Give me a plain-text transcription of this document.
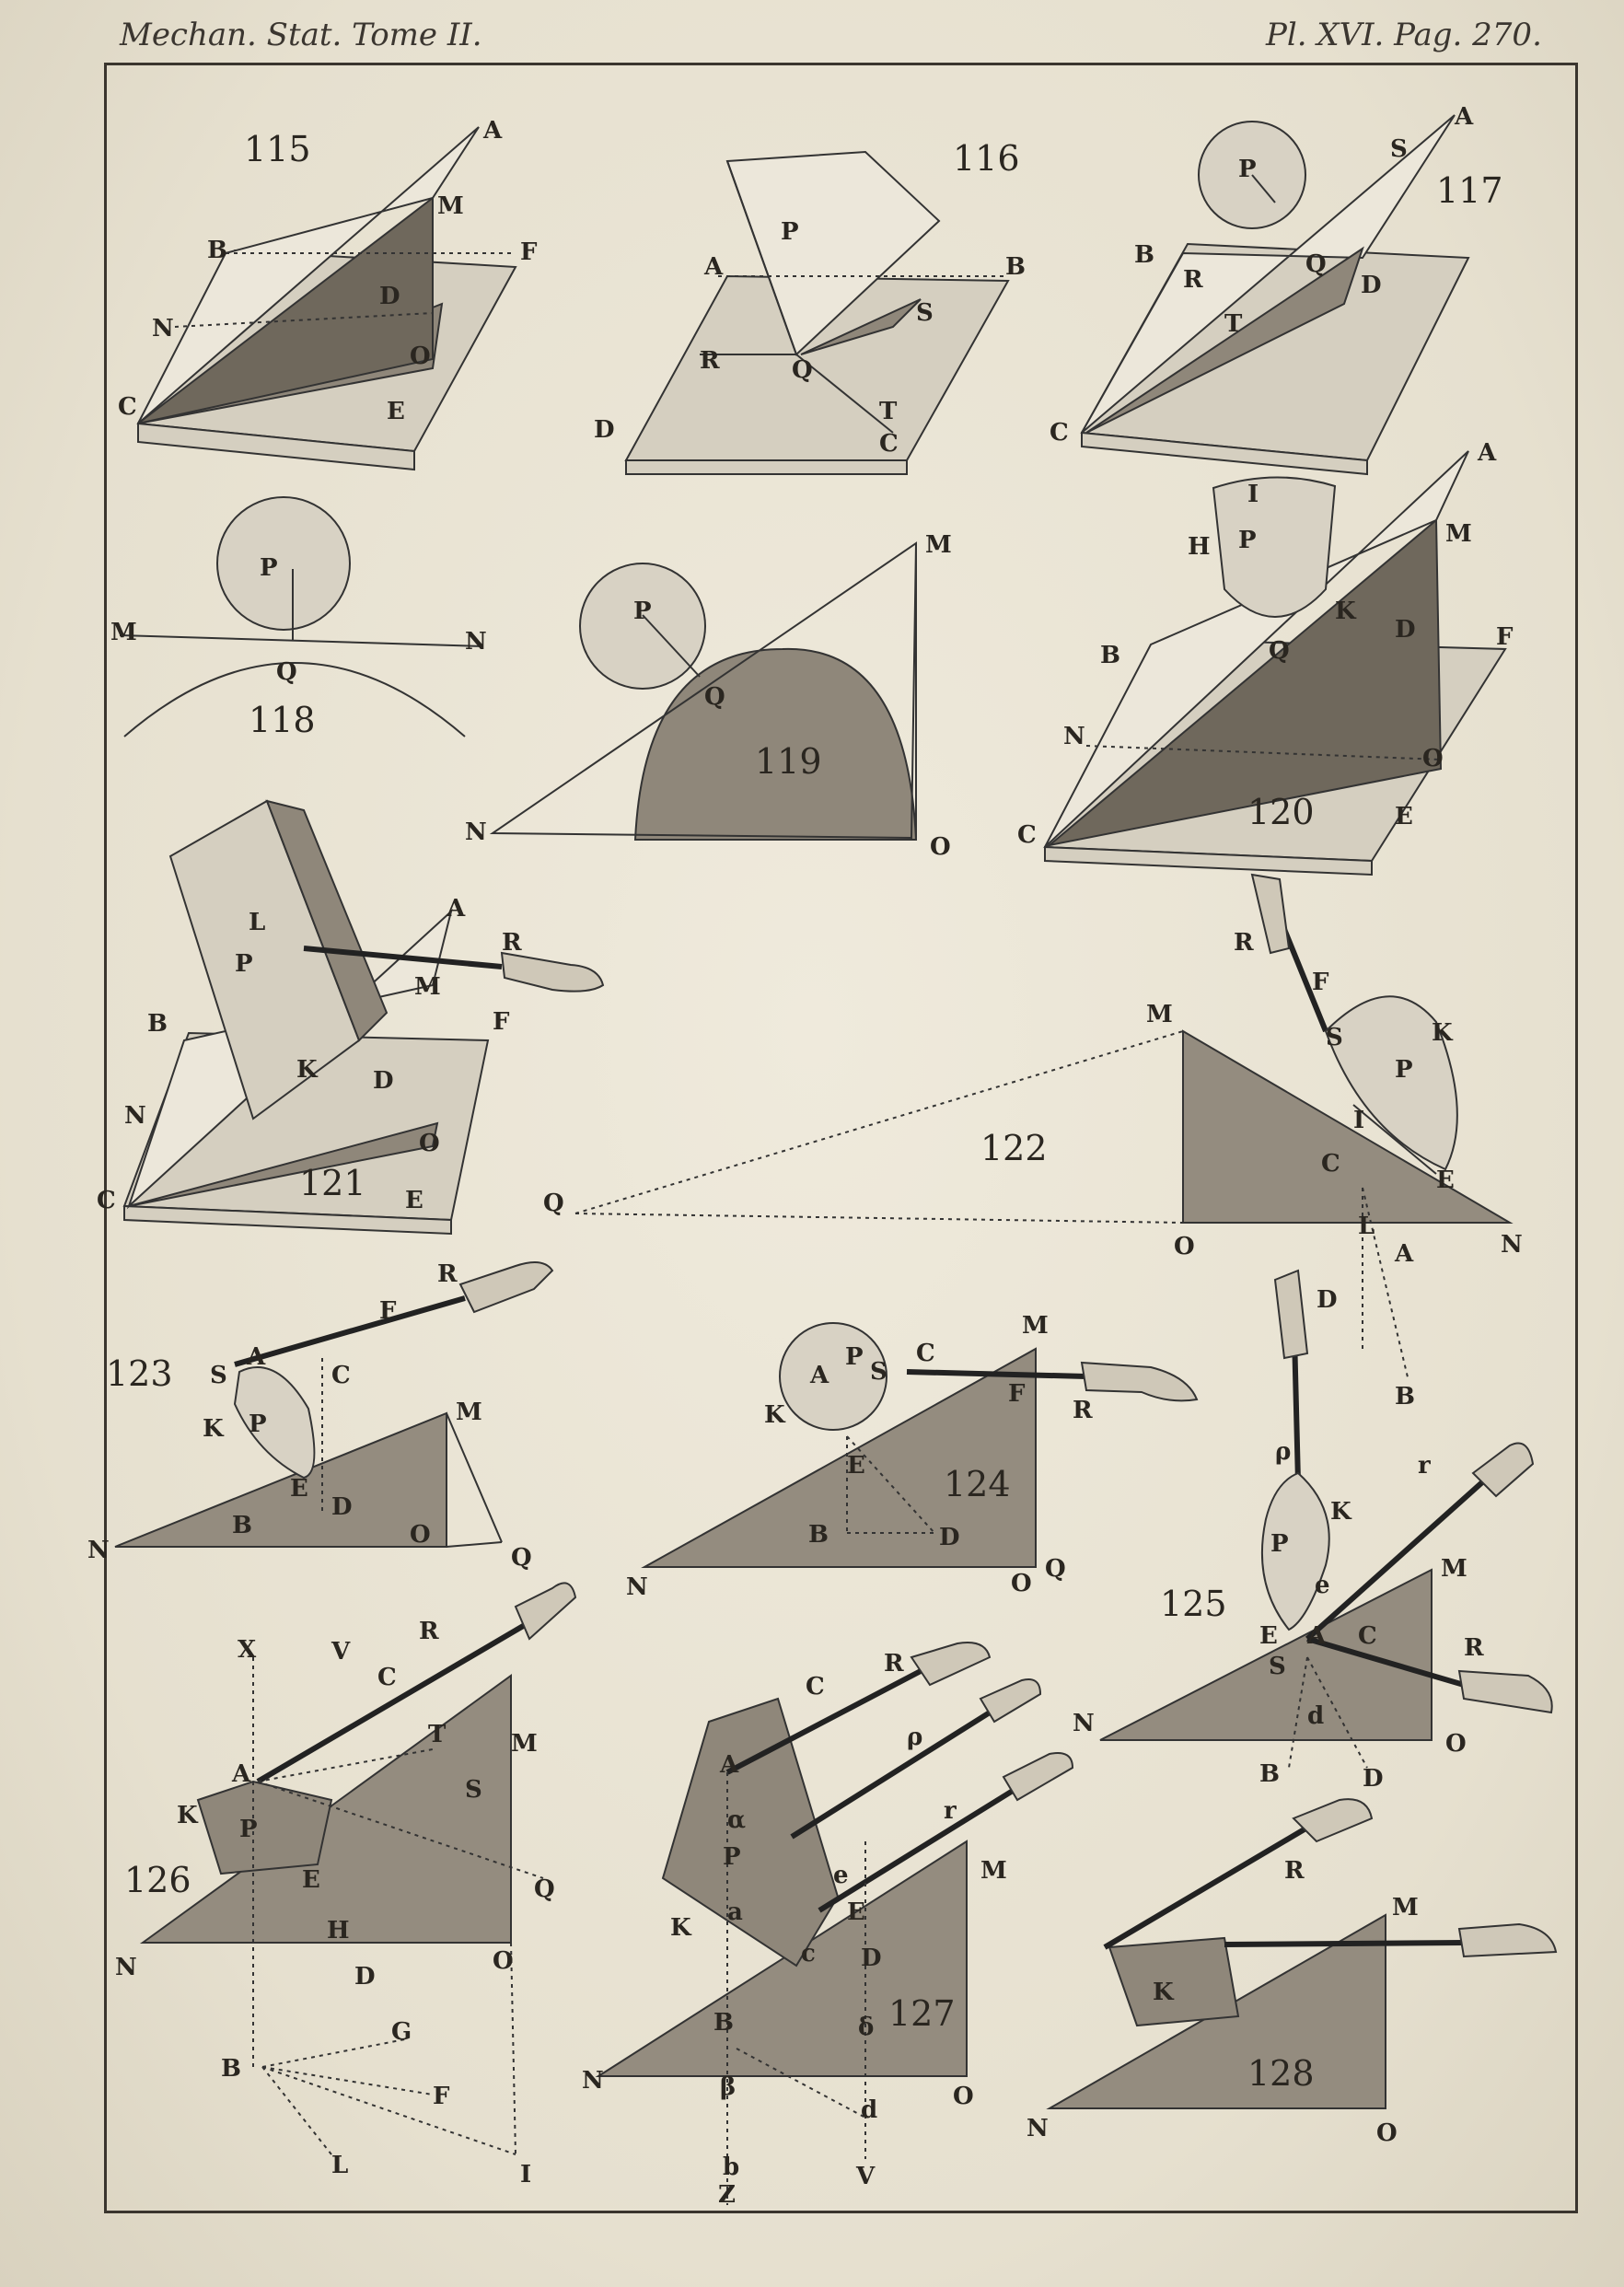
Mechan. Stat. Tome II.	Pl. XVI. Pag. 270.
115	A
B
M
F
N
D
O
C	E
116
P
A	B
S
R	Q
T
D	C
117
A
S
P
B
R
Q
D
T
C
P
M	N
Q
118
M
P
Q
N
O
119
A
M
I
H P
K
D	F
B	Q
N
O
C
E
120
A
R
L
P
M
B	F
K D
N
O
C	E
121
R
F
M
S	K
P
I
C
E
Q
L
A
O	N
D
B
122
123
R
F
S
A
C
K P	M
E
D
B
N
O
Q
M
A
P
S
C
K
F
R
E
B	D
N	O
Q
124
ρ
K
P
r
M
e
125
E A C
S
R
N	d
O
B	D
X	V
R
C
T	M
A
S
K P
126	E	Q
H
D
N	O
G
B
F
L	I
R
C
A
ρ
α
P
r
a
K
e
E
M
c D
B	δ 127
N	β
d	O
b
Z
V
R
M
K
128
N	O
